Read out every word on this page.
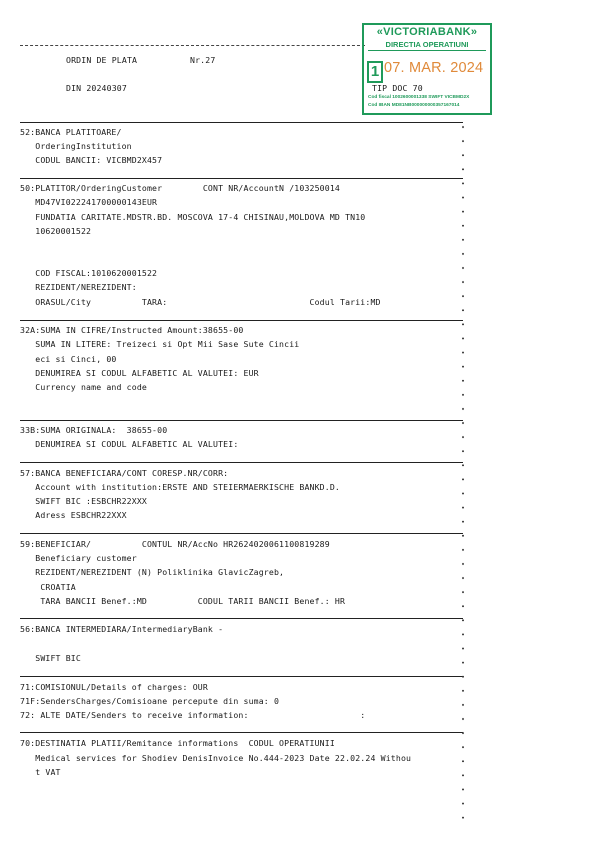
ORDIN DE PLATA	Nr.27
DIN 20240307	TIP DOC 70
«VICTORIABANK»
DIRECTIA OPERATIUNI
1 07. MAR. 2024
Cod fiscal 1002600001338 SWIFT VICBMD2X
Cod IBAN MD81NB000000000357167014
52:BANCA PLATITOARE/
OrderingInstitution
CODUL BANCII: VICBMD2X457
50:PLATITOR/OrderingCustomer        CONT NR/AccountN /103250014
MD47VI022241700000143EUR
FUNDATIA CARITATE.MDSTR.BD. MOSCOVA 17-4 CHISINAU,MOLDOVA MD TN10
10620001522
COD FISCAL:1010620001522
REZIDENT/NEREZIDENT:
ORASUL/City          TARA:                            Codul Tarii:MD
32A:SUMA IN CIFRE/Instructed Amount:38655-00
SUMA IN LITERE: Treizeci si Opt Mii Sase Sute Cincii
eci si Cinci, 00
DENUMIREA SI CODUL ALFABETIC AL VALUTEI: EUR
Currency name and code
33B:SUMA ORIGINALA:  38655-00
DENUMIREA SI CODUL ALFABETIC AL VALUTEI:
57:BANCA BENEFICIARA/CONT CORESP.NR/CORR:
Account with institution:ERSTE AND STEIERMAERKISCHE BANKD.D.
SWIFT BIC :ESBCHR22XXX
Adress ESBCHR22XXX
59:BENEFICIAR/          CONTUL NR/AccNo HR2624020061100819289
Beneficiary customer
REZIDENT/NEREZIDENT (N) Poliklinika GlavicZagreb,
CROATIA
TARA BANCII Benef.:MD          CODUL TARII BANCII Benef.: HR
56:BANCA INTERMEDIARA/IntermediaryBank -
SWIFT BIC
71:COMISIONUL/Details of charges: OUR
71F:SendersCharges/Comisioane percepute din suma: 0
72: ALTE DATE/Senders to receive information:                      :
70:DESTINATIA PLATII/Remitance informations  CODUL OPERATIUNII
Medical services for Shodiev DenisInvoice No.444-2023 Date 22.02.24 Withou
t VAT
